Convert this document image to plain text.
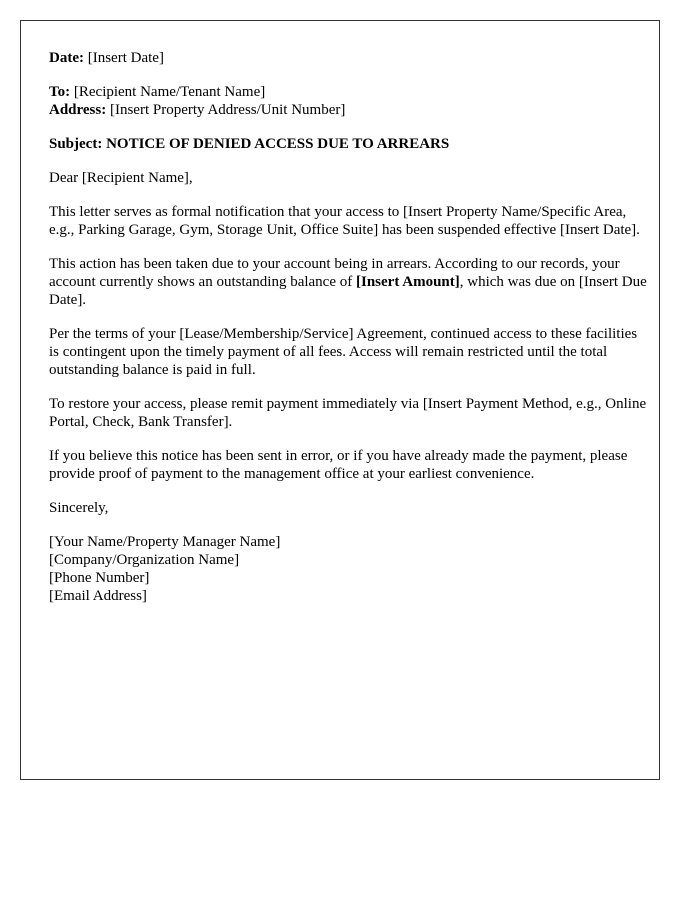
Date: [Insert Date]

To: [Recipient Name/Tenant Name]

Address: [Insert Property Address/Unit Number]

Subject: NOTICE OF DENIED ACCESS DUE TO ARREARS

Dear [Recipient Name],

This letter serves as formal notification that your access to [Insert Property Name/Specific Area, e.g., Parking Garage, Gym, Storage Unit, Office Suite] has been suspended effective [Insert Date].

This action has been taken due to your account being in arrears. According to our records, your account currently shows an outstanding balance of [Insert Amount], which was due on [Insert Due Date].

Per the terms of your [Lease/Membership/Service] Agreement, continued access to these facilities is contingent upon the timely payment of all fees. Access will remain restricted until the total outstanding balance is paid in full.

To restore your access, please remit payment immediately via [Insert Payment Method, e.g., Online Portal, Check, Bank Transfer].

If you believe this notice has been sent in error, or if you have already made the payment, please provide proof of payment to the management office at your earliest convenience.

Sincerely,

[Your Name/Property Manager Name]

[Company/Organization Name]

[Phone Number]

[Email Address]
